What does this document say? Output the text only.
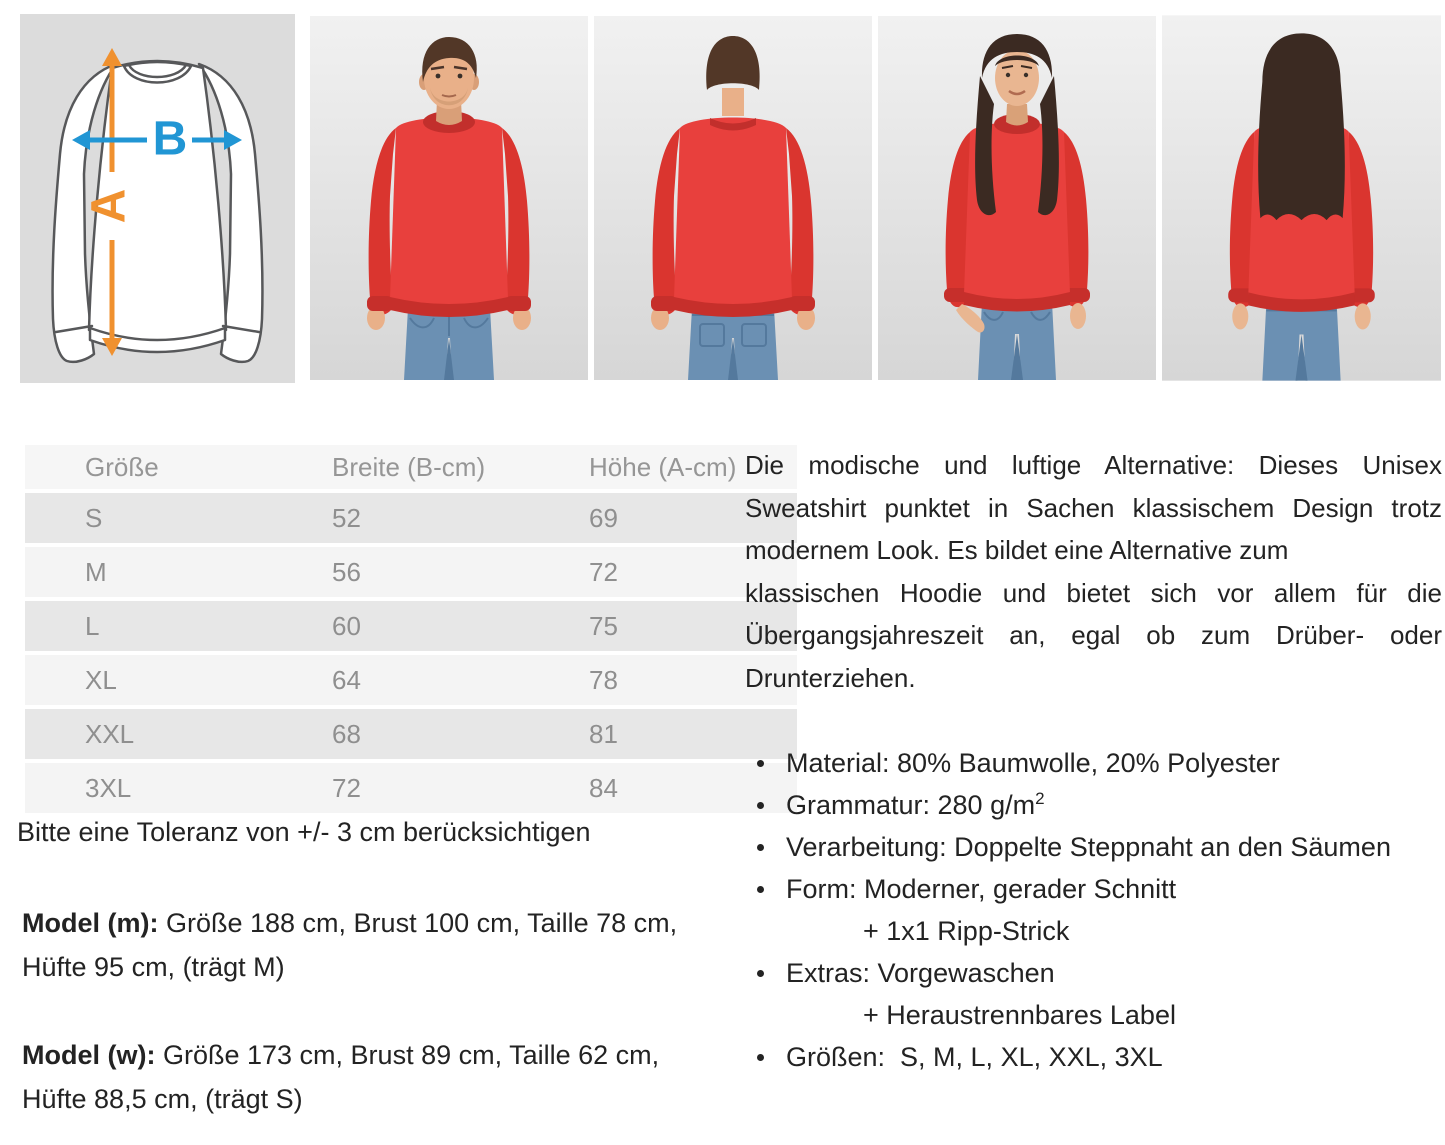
A
B
Größe	Breite (B-cm)	Höhe (A-cm)
S	52	69
M	56	72
L	60	75
XL	64	78
XXL	68	81
3XL	72	84
Bitte eine Toleranz von +/- 3 cm berücksichtigen
Model (m): Größe 188 cm, Brust 100 cm, Taille 78 cm,
Hüfte 95 cm, (trägt M)
Model (w): Größe 173 cm, Brust 89 cm, Taille 62 cm,
Hüfte 88,5 cm, (trägt S)
Die modische und luftige Alternative: Dieses Unisex
Sweatshirt punktet in Sachen klassischem Design trotz
modernem Look. Es bildet eine Alternative zum
klassischen Hoodie und bietet sich vor allem für die
Übergangsjahreszeit an, egal ob zum Drüber- oder
Drunterziehen.
Material: 80% Baumwolle, 20% Polyester
Grammatur: 280 $g/m^2$
Verarbeitung: Doppelte Steppnaht an den Säumen
Form: Moderner, gerader Schnitt
+ 1x1 Ripp-Strick
Extras: Vorgewaschen
+ Heraustrennbares Label
Größen:  S, M, L, XL, XXL, 3XL
